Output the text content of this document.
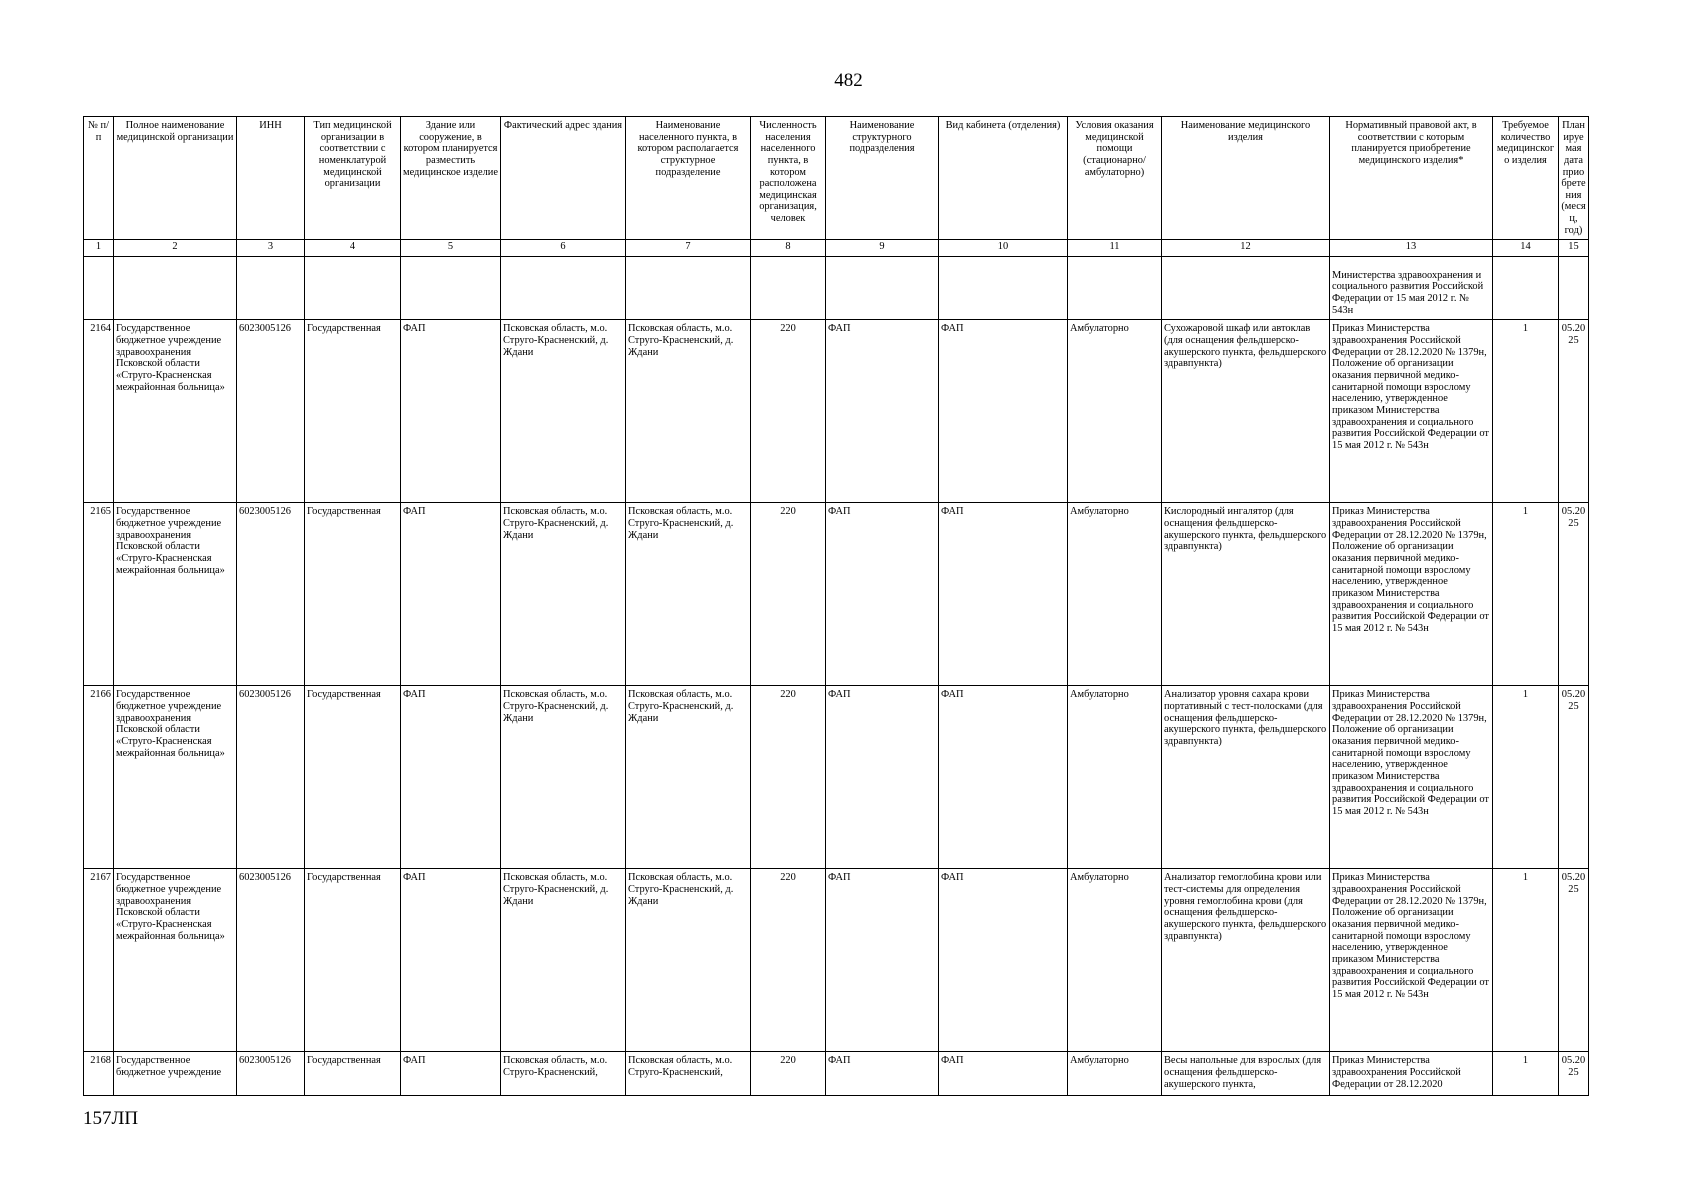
482
№ п/п	Полное наименование медицинской организации	ИНН	Тип медицинской организации в соответствии с номенклатурой медицинской организации	Здание или сооружение, в котором планируется разместить медицинское изделие	Фактический адрес здания	Наименование населенного пункта, в котором располагается структурное подразделение	Численность населения населенного пункта, в котором расположена медицинская организация, человек	Наименование структурного подразделения	Вид кабинета (отделения)	Условия оказания медицинской помощи (стационарно/ амбулаторно)	Наименование медицинского изделия	Нормативный правовой акт, в соответствии с которым планируется приобретение медицинского изделия*	Требуемое количество медицинского изделия	Планируемая дата приобретения (месяц, год)
1	2	3	4	5	6	7	8	9	10	11	12	13	14	15
												Министерства здравоохранения и социального развития Российской Федерации от 15 мая 2012 г. № 543н		
2164	Государственное бюджетное учреждение здравоохранения Псковской области «Струго-Красненская межрайонная больница»	6023005126	Государственная	ФАП	Псковская область, м.о. Струго-Красненский, д. Ждани	Псковская область, м.о. Струго-Красненский, д. Ждани	220	ФАП	ФАП	Амбулаторно	Сухожаровой шкаф или автоклав (для оснащения фельдшерско-акушерского пункта, фельдшерского здравпункта)	Приказ Министерства здравоохранения Российской Федерации от 28.12.2020 № 1379н, Положение об организации оказания первичной медико-санитарной помощи взрослому населению, утвержденное приказом Министерства здравоохранения и социального развития Российской Федерации от 15 мая 2012 г. № 543н	1	05.2025
2165	Государственное бюджетное учреждение здравоохранения Псковской области «Струго-Красненская межрайонная больница»	6023005126	Государственная	ФАП	Псковская область, м.о. Струго-Красненский, д. Ждани	Псковская область, м.о. Струго-Красненский, д. Ждани	220	ФАП	ФАП	Амбулаторно	Кислородный ингалятор (для оснащения фельдшерско-акушерского пункта, фельдшерского здравпункта)	Приказ Министерства здравоохранения Российской Федерации от 28.12.2020 № 1379н, Положение об организации оказания первичной медико-санитарной помощи взрослому населению, утвержденное приказом Министерства здравоохранения и социального развития Российской Федерации от 15 мая 2012 г. № 543н	1	05.2025
2166	Государственное бюджетное учреждение здравоохранения Псковской области «Струго-Красненская межрайонная больница»	6023005126	Государственная	ФАП	Псковская область, м.о. Струго-Красненский, д. Ждани	Псковская область, м.о. Струго-Красненский, д. Ждани	220	ФАП	ФАП	Амбулаторно	Анализатор уровня сахара крови портативный с тест-полосками (для оснащения фельдшерско-акушерского пункта, фельдшерского здравпункта)	Приказ Министерства здравоохранения Российской Федерации от 28.12.2020 № 1379н, Положение об организации оказания первичной медико-санитарной помощи взрослому населению, утвержденное приказом Министерства здравоохранения и социального развития Российской Федерации от 15 мая 2012 г. № 543н	1	05.2025
2167	Государственное бюджетное учреждение здравоохранения Псковской области «Струго-Красненская межрайонная больница»	6023005126	Государственная	ФАП	Псковская область, м.о. Струго-Красненский, д. Ждани	Псковская область, м.о. Струго-Красненский, д. Ждани	220	ФАП	ФАП	Амбулаторно	Анализатор гемоглобина крови или тест-системы для определения уровня гемоглобина крови (для оснащения фельдшерско-акушерского пункта, фельдшерского здравпункта)	Приказ Министерства здравоохранения Российской Федерации от 28.12.2020 № 1379н, Положение об организации оказания первичной медико-санитарной помощи взрослому населению, утвержденное приказом Министерства здравоохранения и социального развития Российской Федерации от 15 мая 2012 г. № 543н	1	05.2025
2168	Государственное бюджетное учреждение	6023005126	Государственная	ФАП	Псковская область, м.о. Струго-Красненский,	Псковская область, м.о. Струго-Красненский,	220	ФАП	ФАП	Амбулаторно	Весы напольные для взрослых (для оснащения фельдшерско-акушерского пункта,	Приказ Министерства здравоохранения Российской Федерации от 28.12.2020	1	05.2025
157ЛП
